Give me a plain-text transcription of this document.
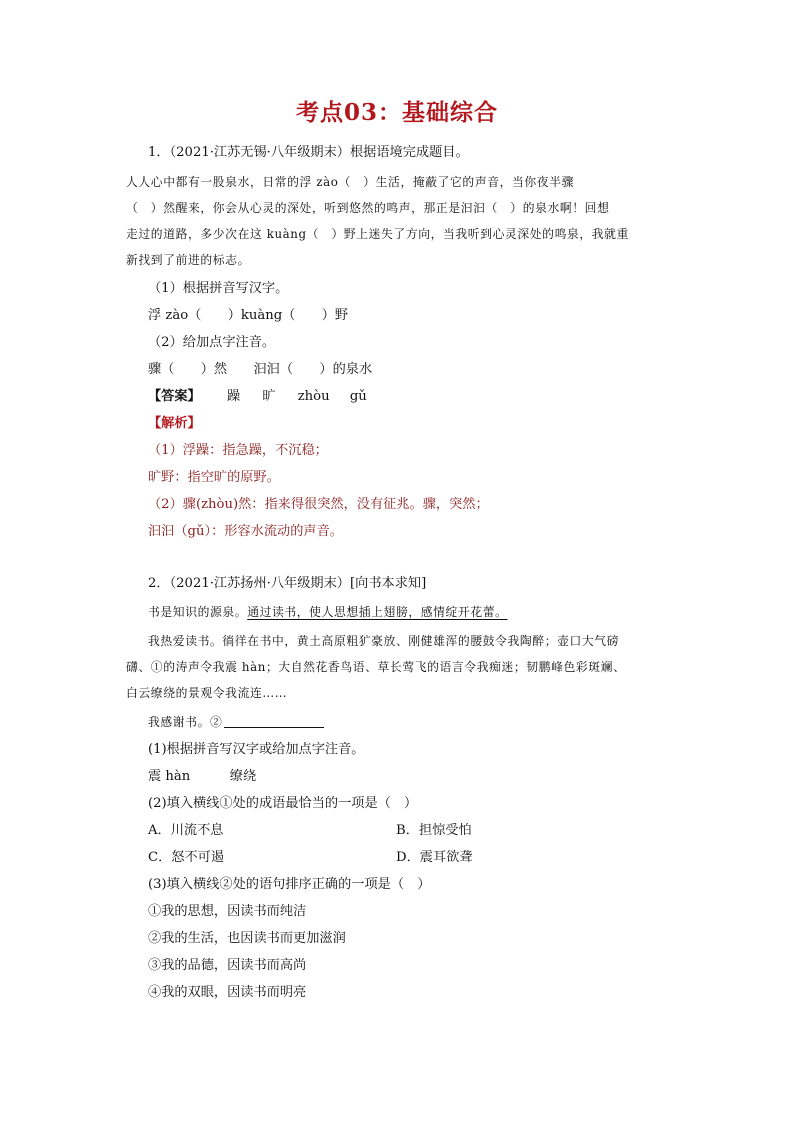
考点03：基础综合
1．（2021·江苏无锡·八年级期末）根据语境完成题目。
人人心中都有一股泉水，日常的浮 zào（　）生活，掩蔽了它的声音，当你夜半骤
（　）然醒来，你会从心灵的深处，听到悠然的鸣声，那正是汩汩（　）的泉水啊！回想
走过的道路，多少次在这 kuàng（　）野上迷失了方向，当我听到心灵深处的鸣泉，我就重
新找到了前进的标志。
（1）根据拼音写汉字。
浮 zào（　　）kuàng（　　）野
（2）给加点字注音。
骤（　　）然　　汩汩（　　）的泉水
【答案】 躁 旷 zhòu gǔ
【解析】
（1）浮躁：指急躁，不沉稳；
旷野：指空旷的原野。
（2）骤(zhòu)然：指来得很突然，没有征兆。骤，突然；
汩汩（gǔ）：形容水流动的声音。
2．（2021·江苏扬州·八年级期末）[向书本求知]
书是知识的源泉。通过读书，使人思想插上翅膀，感情绽开花蕾。
我热爱读书。徜徉在书中，黄土高原粗犷豪放、刚健雄浑的腰鼓令我陶醉；壶口大气磅
礴、①的涛声令我震 hàn；大自然花香鸟语、草长莺飞的语言令我痴迷；韧鹏峰色彩斑斓、
白云缭绕的景观令我流连……
我感谢书。②
(1)根据拼音写汉字或给加点字注音。
震 hàn　　　缭绕
(2)填入横线①处的成语最恰当的一项是（　）
A．川流不息	B．担惊受怕
C．怒不可遏	D．震耳欲聋
(3)填入横线②处的语句排序正确的一项是（　）
①我的思想，因读书而纯洁
②我的生活，也因读书而更加滋润
③我的品德，因读书而高尚
④我的双眼，因读书而明亮
